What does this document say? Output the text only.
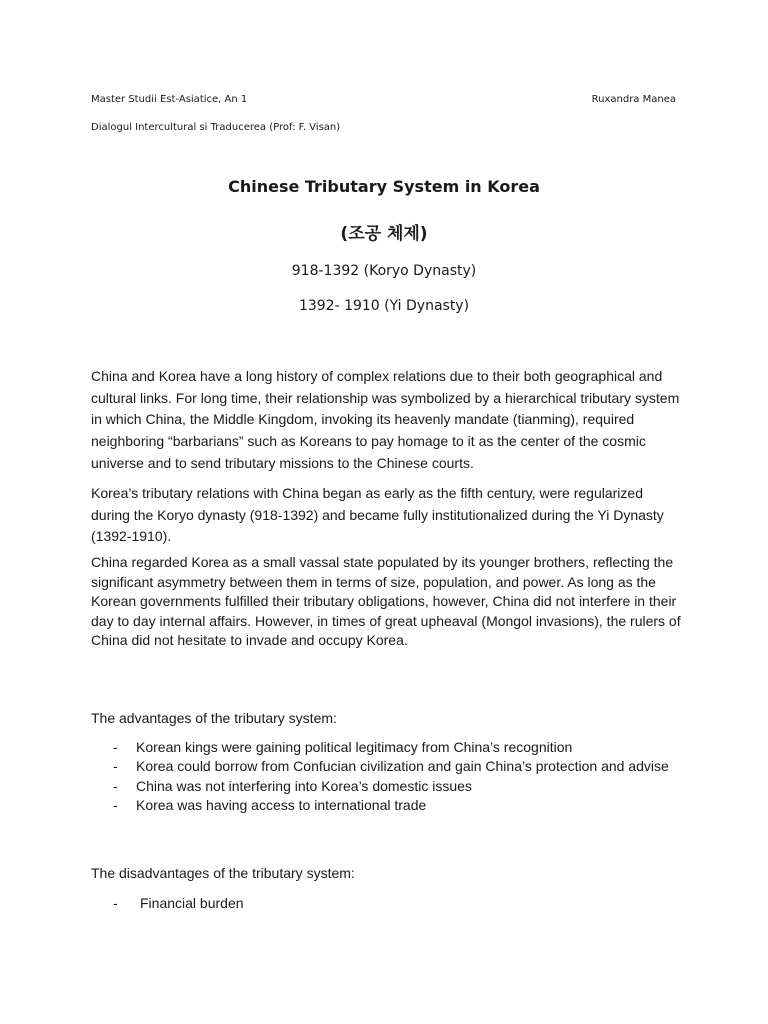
Master Studii Est-Asiatice, An 1	Ruxandra Manea
Dialogul Intercultural si Traducerea (Prof: F. Visan)
Chinese Tributary System in Korea
(조공 체제)
918-1392 (Koryo Dynasty)
1392- 1910 (Yi Dynasty)
China and Korea have a long history of complex relations due to their both geographical and cultural links. For long time, their relationship was symbolized by a hierarchical tributary system in which China, the Middle Kingdom, invoking its heavenly mandate (tianming), required neighboring “barbarians” such as Koreans to pay homage to it as the center of the cosmic universe and to send tributary missions to the Chinese courts.
Korea’s tributary relations with China began as early as the fifth century, were regularized during the Koryo dynasty (918-1392) and became fully institutionalized during the Yi Dynasty (1392-1910).
China regarded Korea as a small vassal state populated by its younger brothers, reflecting the significant asymmetry between them in terms of size, population, and power. As long as the Korean governments fulfilled their tributary obligations, however, China did not interfere in their day to day internal affairs. However, in times of great upheaval (Mongol invasions), the rulers of China did not hesitate to invade and occupy Korea.
The advantages of the tributary system:
- Korean kings were gaining political legitimacy from China’s recognition
- Korea could borrow from Confucian civilization and gain China’s protection and advise
- China was not interfering into Korea’s domestic issues
- Korea was having access to international trade
The disadvantages of the tributary system:
- Financial burden
